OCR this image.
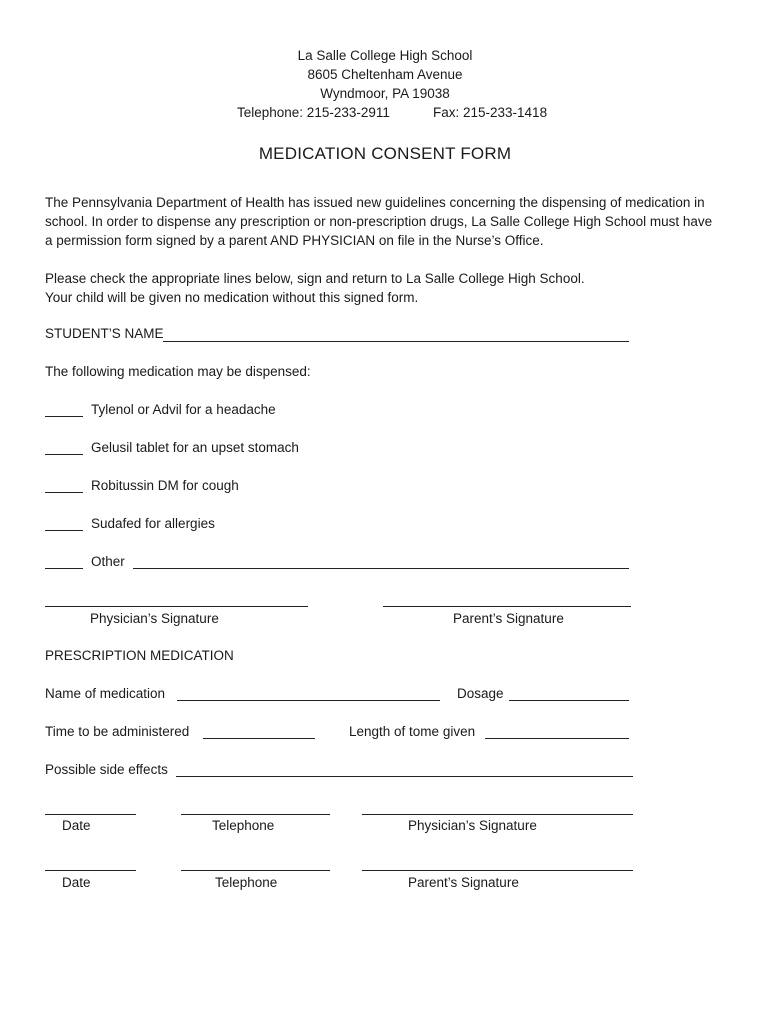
La Salle College High School
8605 Cheltenham Avenue
Wyndmoor, PA 19038
Telephone: 215-233-2911	Fax: 215-233-1418
MEDICATION CONSENT FORM
The Pennsylvania Department of Health has issued new guidelines concerning the dispensing of medication in
school. In order to dispense any prescription or non-prescription drugs, La Salle College High School must have
a permission form signed by a parent AND PHYSICIAN on file in the Nurse’s Office.
Please check the appropriate lines below, sign and return to La Salle College High School.
Your child will be given no medication without this signed form.
STUDENT’S NAME
The following medication may be dispensed:
Tylenol or Advil for a headache
Gelusil tablet for an upset stomach
Robitussin DM for cough
Sudafed for allergies
Other
Physician’s Signature	Parent’s Signature
PRESCRIPTION MEDICATION
Name of medication	Dosage
Time to be administered	Length of tome given
Possible side effects
Date	Telephone	Physician’s Signature
Date	Telephone	Parent’s Signature
